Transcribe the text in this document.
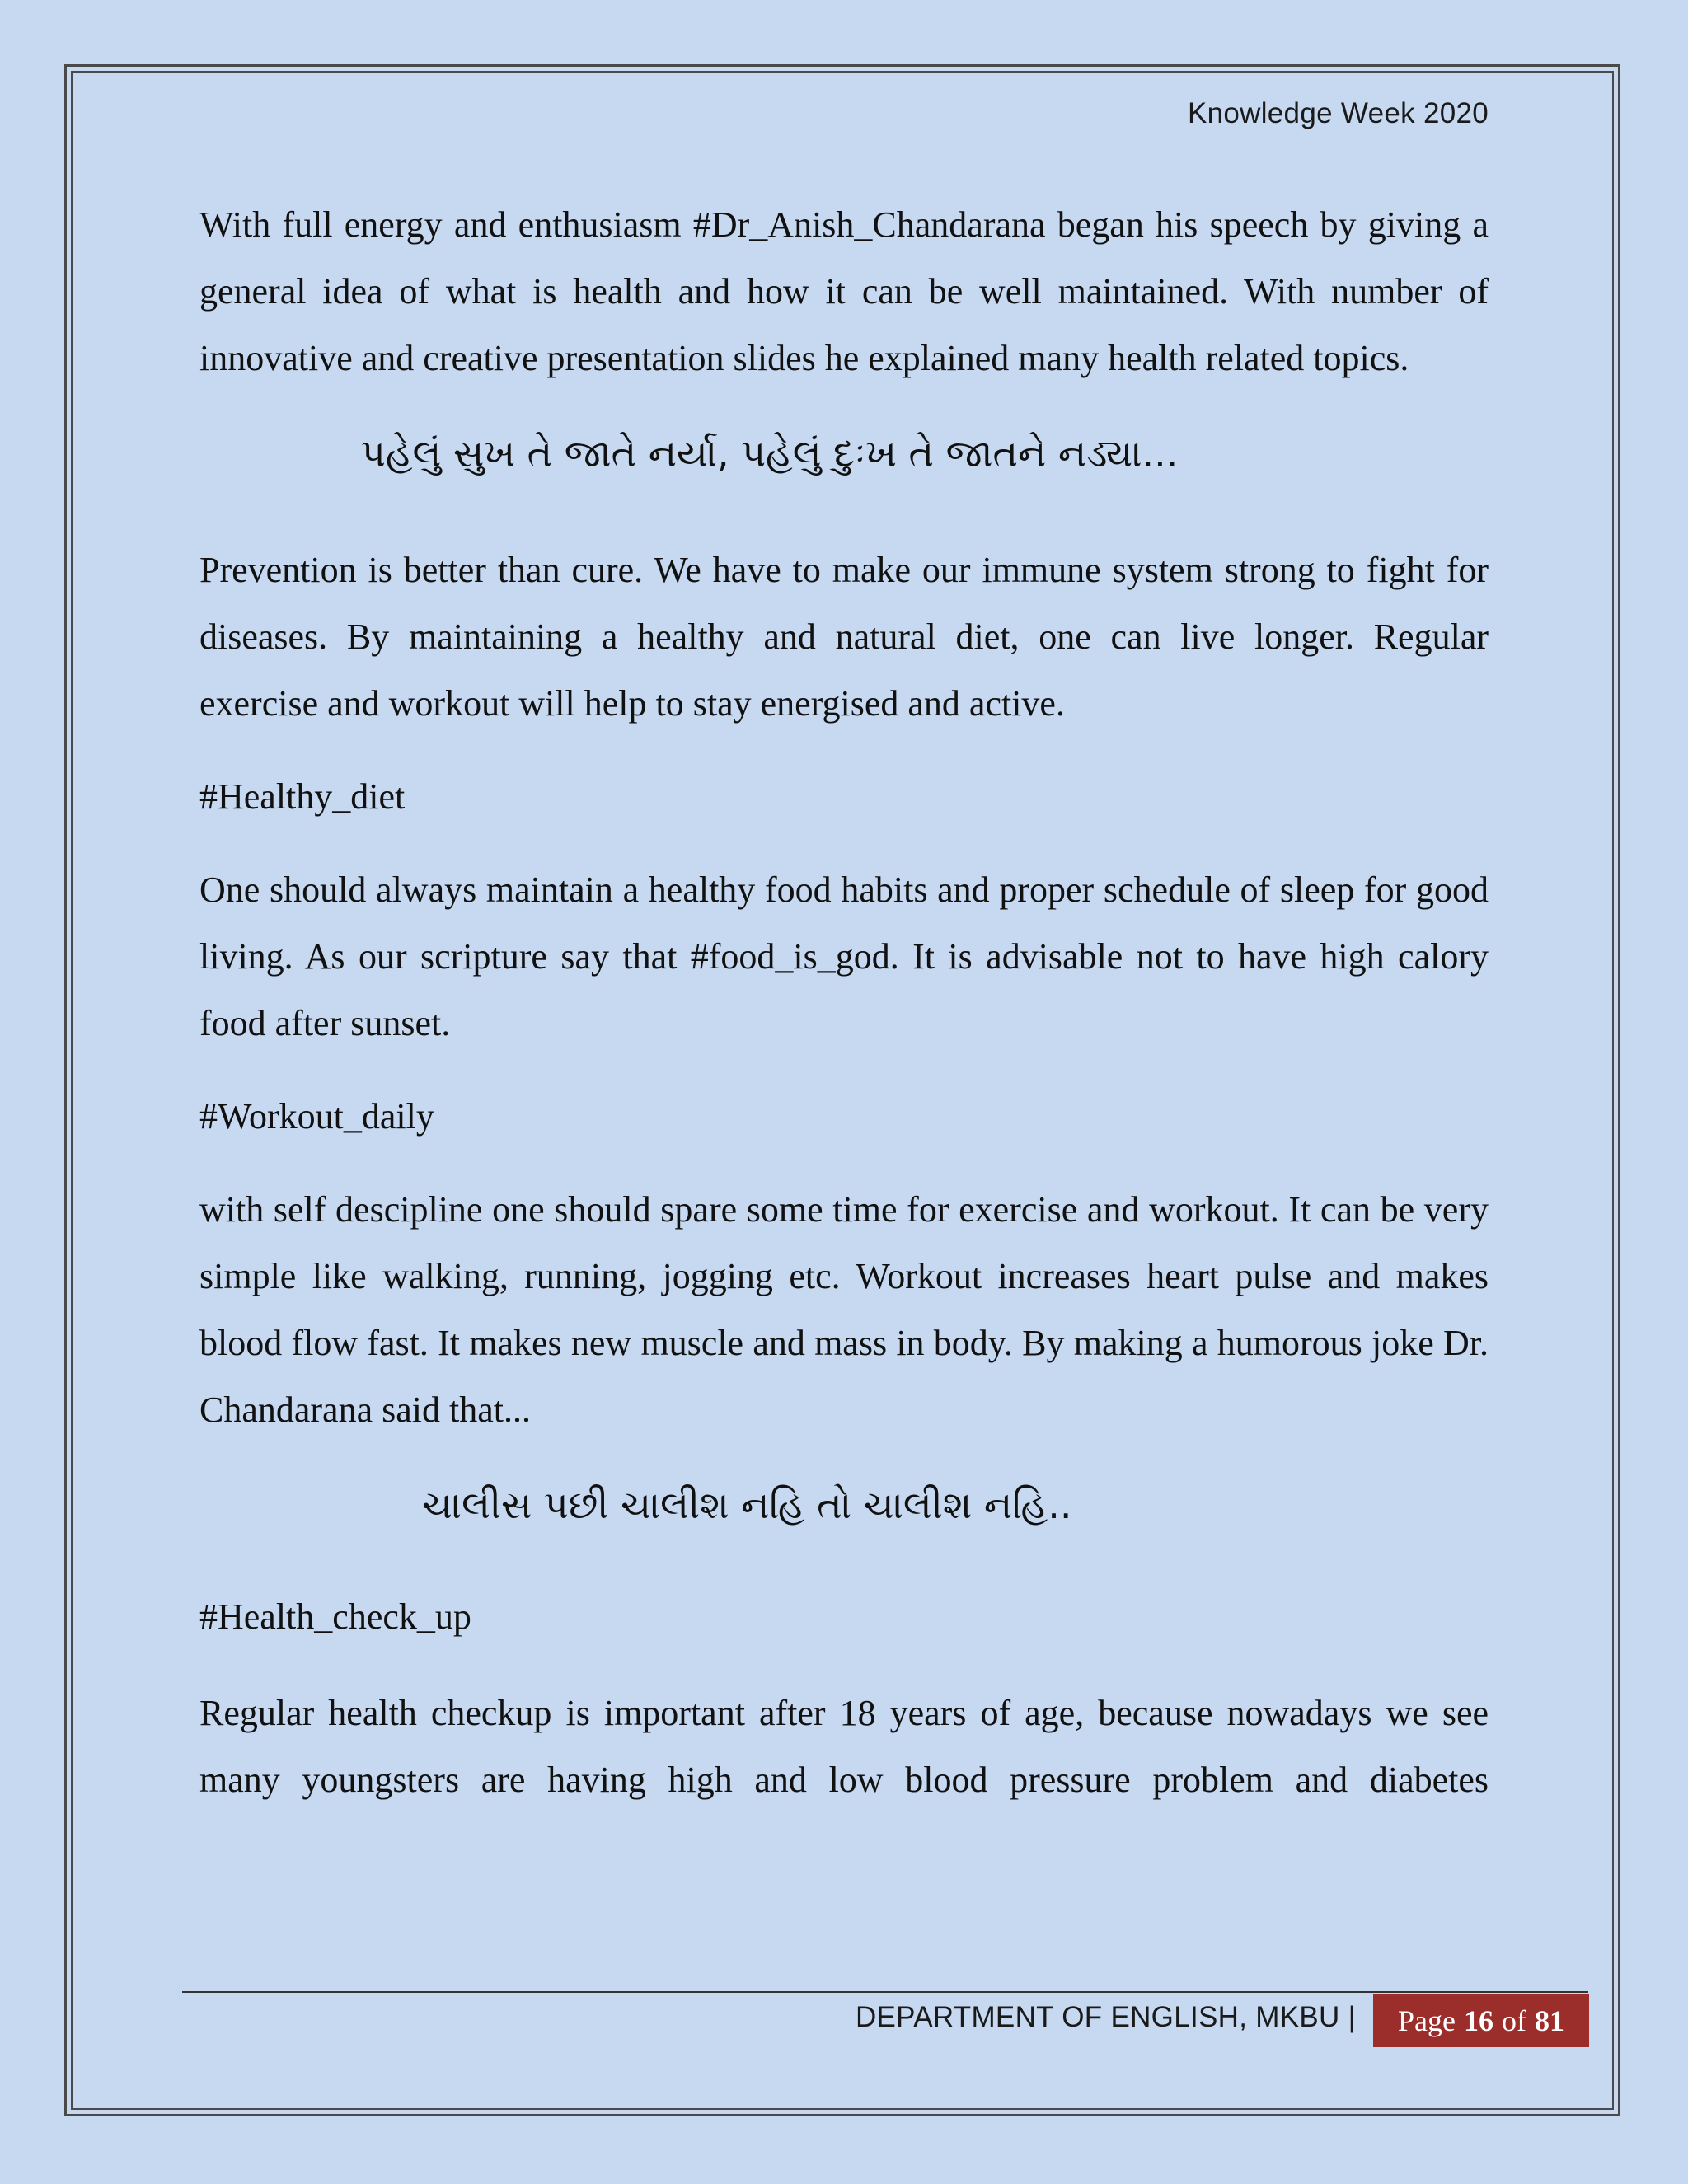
Knowledge Week 2020

With full energy and enthusiasm #Dr_Anish_Chandarana began his speech by giving a general idea of what is health and how it can be well maintained. With number of innovative and creative presentation slides he explained many health related topics.

પહેલું સુખ તે જાતે નર્યા, પહેલું દુઃખ તે જાતને નડ્યા...

Prevention is better than cure. We have to make our immune system strong to fight for diseases. By maintaining a healthy and natural diet, one can live longer. Regular exercise and workout will help to stay energised and active.

#Healthy_diet

One should always maintain a healthy food habits and proper schedule of sleep for good living. As our scripture say that #food_is_god. It is advisable not to have high calory food after sunset.

#Workout_daily

with self descipline one should spare some time for exercise and workout. It can be very simple like walking, running, jogging etc. Workout increases heart pulse and makes blood flow fast. It makes new muscle and mass in body. By making a humorous joke Dr. Chandarana said that...

ચાલીસ પછી ચાલીશ નહિ તો ચાલીશ નહિ..

#Health_check_up

Regular health checkup is important after 18 years of age, because nowadays we see many youngsters are having high and low blood pressure problem and diabetes

DEPARTMENT OF ENGLISH, MKBU | Page 16 of 81
